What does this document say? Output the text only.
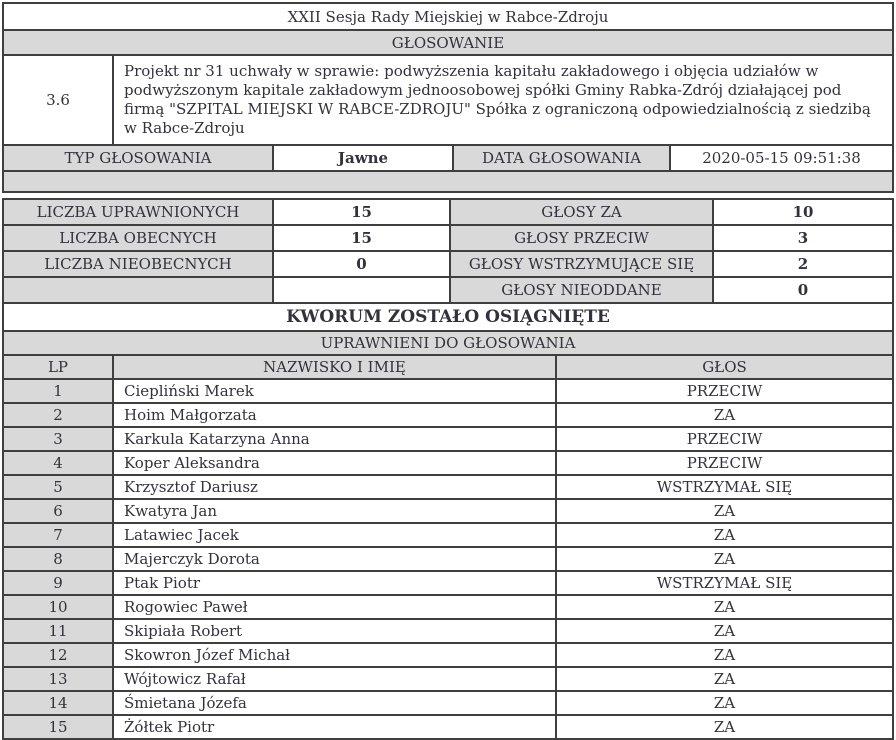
XXII Sesja Rady Miejskiej w Rabce-Zdroju
GŁOSOWANIE
3.6	Projekt nr 31 uchwały w sprawie: podwyższenia kapitału zakładowego i objęcia udziałów w podwyższonym kapitale zakładowym jednoosobowej spółki Gminy Rabka-Zdrój działającej pod firmą "SZPITAL MIEJSKI W RABCE-ZDROJU" Spółka z ograniczoną odpowiedzialnością z siedzibą w Rabce-Zdroju
TYP GŁOSOWANIA	Jawne	DATA GŁOSOWANIA	2020-05-15 09:51:38
LICZBA UPRAWNIONYCH	15	GŁOSY ZA	10
LICZBA OBECNYCH	15	GŁOSY PRZECIW	3
LICZBA NIEOBECNYCH	0	GŁOSY WSTRZYMUJĄCE SIĘ	2
		GŁOSY NIEODDANE	0
KWORUM ZOSTAŁO OSIĄGNIĘTE
UPRAWNIENI DO GŁOSOWANIA
LP	NAZWISKO I IMIĘ	GŁOS
1	Ciepliński Marek	PRZECIW
2	Hoim Małgorzata	ZA
3	Karkula Katarzyna Anna	PRZECIW
4	Koper Aleksandra	PRZECIW
5	Krzysztof Dariusz	WSTRZYMAŁ SIĘ
6	Kwatyra Jan	ZA
7	Latawiec Jacek	ZA
8	Majerczyk Dorota	ZA
9	Ptak Piotr	WSTRZYMAŁ SIĘ
10	Rogowiec Paweł	ZA
11	Skipiała Robert	ZA
12	Skowron Józef Michał	ZA
13	Wójtowicz Rafał	ZA
14	Śmietana Józefa	ZA
15	Żółtek Piotr	ZA
